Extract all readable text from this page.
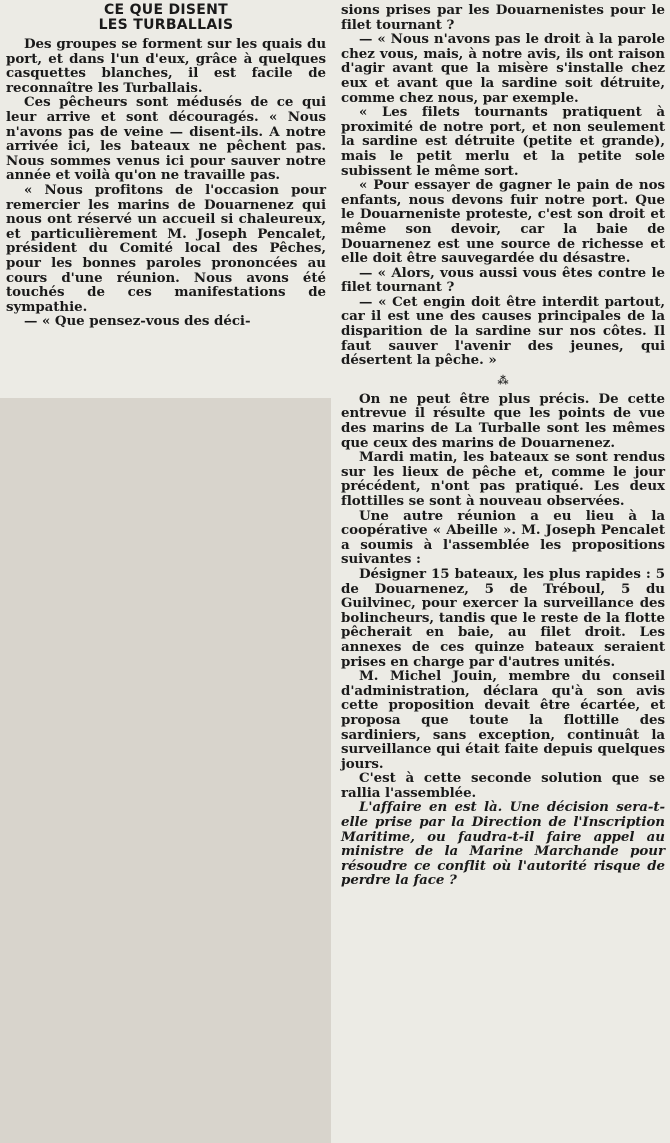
CE QUE DISENT
LES TURBALLAIS

Des groupes se forment sur les quais du port, et dans l'un d'eux, grâce à quelques casquettes blanches, il est facile de reconnaître les Turballais.

Ces pêcheurs sont médusés de ce qui leur arrive et sont découragés. « Nous n'avons pas de veine — disent-ils. A notre arrivée ici, les bateaux ne pêchent pas. Nous sommes venus ici pour sauver notre année et voilà qu'on ne travaille pas.

« Nous profitons de l'occasion pour remercier les marins de Douarnenez qui nous ont réservé un accueil si chaleureux, et particulièrement M. Joseph Pencalet, président du Comité local des Pêches, pour les bonnes paroles prononcées au cours d'une réunion. Nous avons été touchés de ces manifestations de sympathie.

— « Que pensez-vous des déci-

sions prises par les Douarnenistes pour le filet tournant ?

— « Nous n'avons pas le droit à la parole chez vous, mais, à notre avis, ils ont raison d'agir avant que la misère s'installe chez eux et avant que la sardine soit détruite, comme chez nous, par exemple.

« Les filets tournants pratiquent à proximité de notre port, et non seulement la sardine est détruite (petite et grande), mais le petit merlu et la petite sole subissent le même sort.

« Pour essayer de gagner le pain de nos enfants, nous devons fuir notre port. Que le Douarneniste proteste, c'est son droit et même son devoir, car la baie de Douarnenez est une source de richesse et elle doit être sauvegardée du désastre.

— « Alors, vous aussi vous êtes contre le filet tournant ?

— « Cet engin doit être interdit partout, car il est une des causes principales de la disparition de la sardine sur nos côtes. Il faut sauver l'avenir des jeunes, qui désertent la pêche. »

⁂

On ne peut être plus précis. De cette entrevue il résulte que les points de vue des marins de La Turballe sont les mêmes que ceux des marins de Douarnenez.

Mardi matin, les bateaux se sont rendus sur les lieux de pêche et, comme le jour précédent, n'ont pas pratiqué. Les deux flottilles se sont à nouveau observées.

Une autre réunion a eu lieu à la coopérative « Abeille ». M. Joseph Pencalet a soumis à l'assemblée les propositions suivantes :

Désigner 15 bateaux, les plus rapides : 5 de Douarnenez, 5 de Tréboul, 5 du Guilvinec, pour exercer la surveillance des bolincheurs, tandis que le reste de la flotte pêcherait en baie, au filet droit. Les annexes de ces quinze bateaux seraient prises en charge par d'autres unités.

M. Michel Jouin, membre du conseil d'administration, déclara qu'à son avis cette proposition devait être écartée, et proposa que toute la flottille des sardiniers, sans exception, continuât la surveillance qui était faite depuis quelques jours.

C'est à cette seconde solution que se rallia l'assemblée.

L'affaire en est là. Une décision sera-t-elle prise par la Direction de l'Inscription Maritime, ou faudra-t-il faire appel au ministre de la Marine Marchande pour résoudre ce conflit où l'autorité risque de perdre la face ?
